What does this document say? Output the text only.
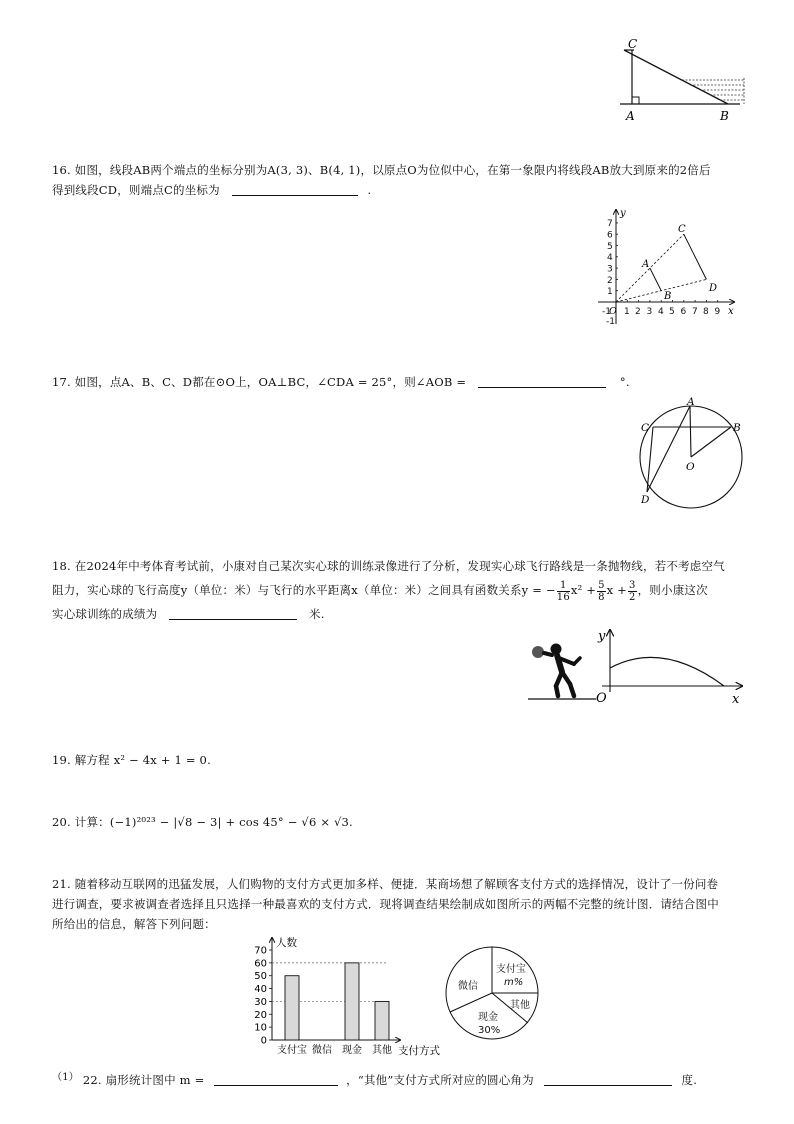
C
A	B
16. 如图，线段AB两个端点的坐标分别为A(3, 3)、B(4, 1)，以原点O为位似中心，在第一象限内将线段AB放大到原来的2倍后
得到线段CD，则端点C的坐标为	.
-1 1 2 3 4 5 6 7 8 9
-1
1
2
3
4
5
6
7
y
x
O
A
B
C
D
17. 如图，点A、B、C、D都在⊙O上，OA⊥BC，∠CDA = 25°，则∠AOB =	°.
A
B
C
D
O
18. 在2024年中考体育考试前，小康对自己某次实心球的训练录像进行了分析，发现实心球飞行路线是一条抛物线，若不考虑空气
阻力，实心球的飞行高度y（单位：米）与飞行的水平距离x（单位：米）之间具有函数关系y = − $\frac{1}{16} x^2 + \frac{5}{8}$ $x + \frac{3}{2}$ ，则小康这次
实心球训练的成绩为	米.
y
x
O
19. 解方程 x² − 4x + 1 = 0.
20. 计算：(−1)²⁰²³ − |√8 − 3| + cos 45° − √6 × √3.
21. 随着移动互联网的迅猛发展，人们购物的支付方式更加多样、便捷．某商场想了解顾客支付方式的选择情况，设计了一份问卷
进行调查，要求被调查者选择且只选择一种最喜欢的支付方式．现将调查结果绘制成如图所示的两幅不完整的统计图．请结合图中
所给出的信息，解答下列问题：
0
10
20
30
40
50
60
70
支付宝 微信 现金 其他
人数
支付方式
支付宝
m%
其他
现金
30%
微信
（1） 22. 扇形统计图中 m =	，“其他”支付方式所对应的圆心角为	度.
